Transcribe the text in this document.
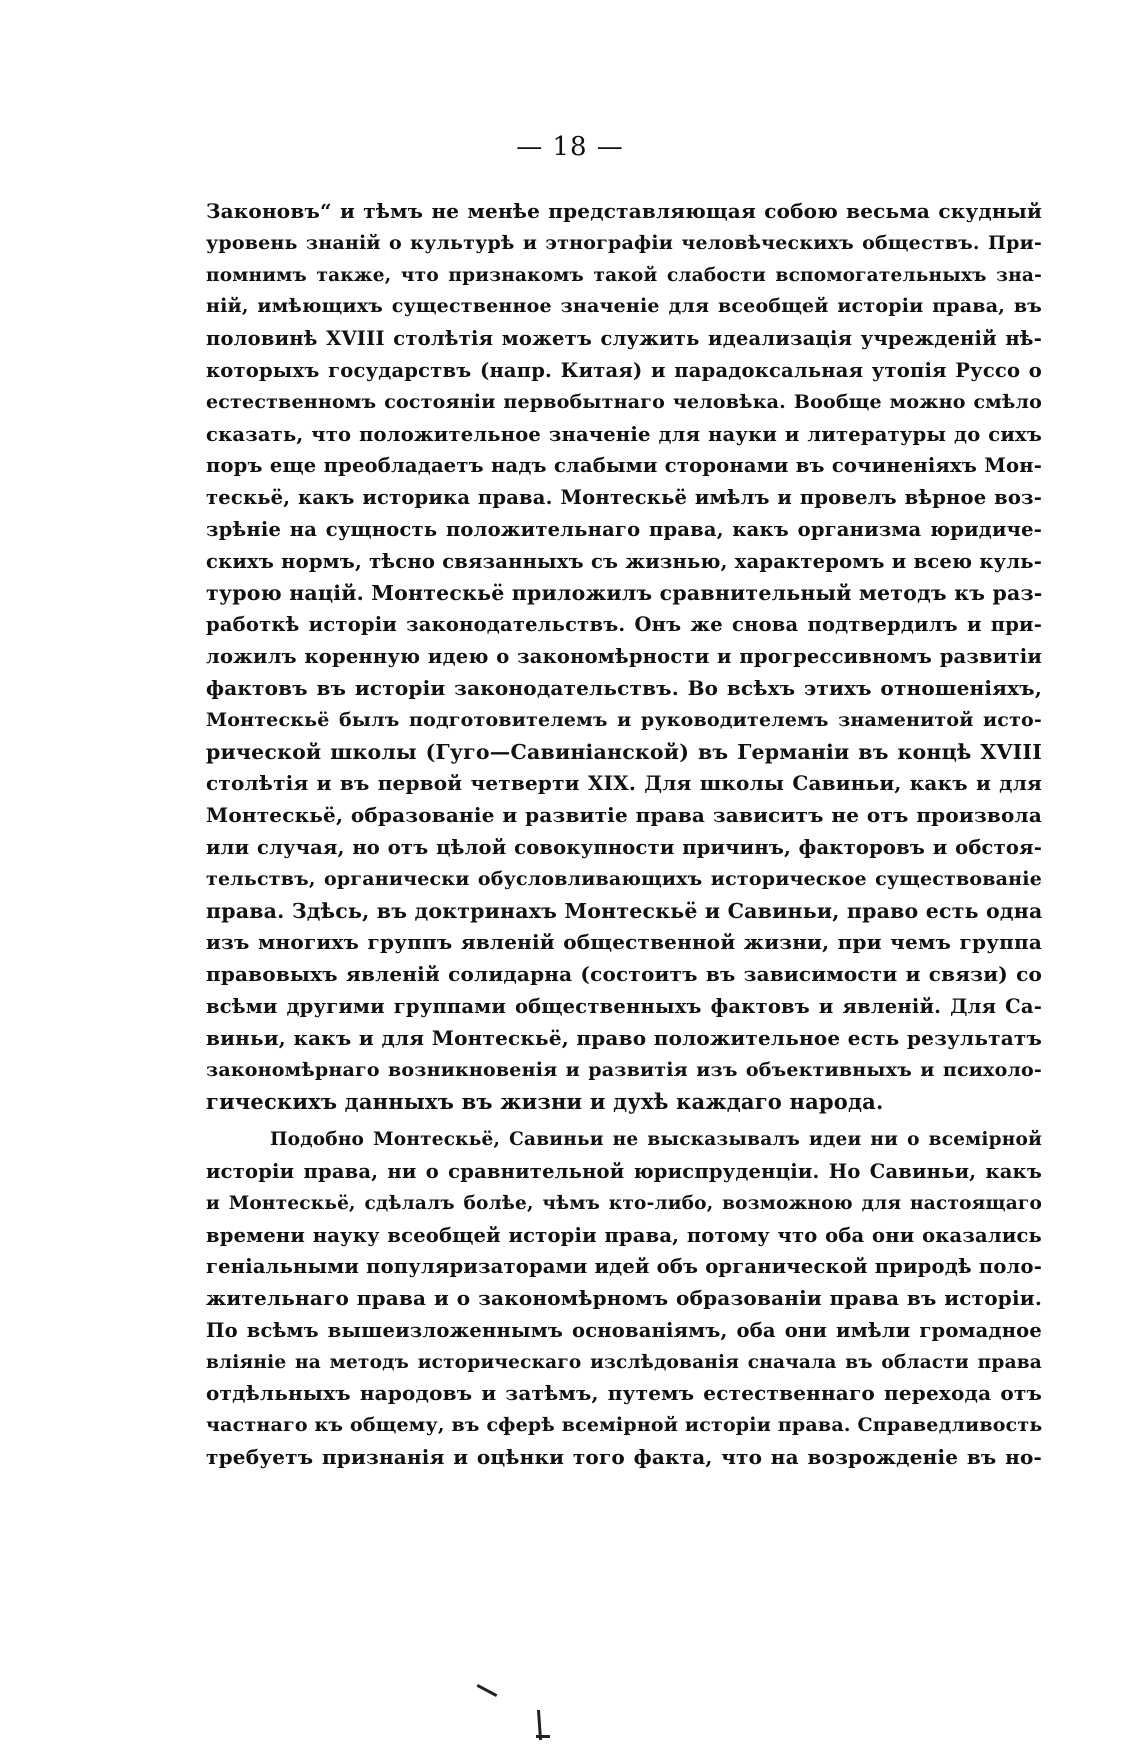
— 18 —
Законовъ“ и тѣмъ не менѣе представляющая собою весьма скудный
уровень знаній о культурѣ и этнографіи человѣческихъ обществъ. При-
помнимъ также, что признакомъ такой слабости вспомогательныхъ зна-
ній, имѣющихъ существенное значеніе для всеобщей исторіи права, въ
половинѣ XVIII столѣтія можетъ служить идеализація учрежденій нѣ-
которыхъ государствъ (напр. Китая) и парадоксальная утопія Руссо о
естественномъ состояніи первобытнаго человѣка. Вообще можно смѣло
сказать, что положительное значеніе для науки и литературы до сихъ
поръ еще преобладаетъ надъ слабыми сторонами въ сочиненіяхъ Мон-
тескьё, какъ историка права. Монтескьё имѣлъ и провелъ вѣрное воз-
зрѣніе на сущность положительнаго права, какъ организма юридиче-
скихъ нормъ, тѣсно связанныхъ съ жизнью, характеромъ и всею куль-
турою націй. Монтескьё приложилъ сравнительный методъ къ раз-
работкѣ исторіи законодательствъ. Онъ же снова подтвердилъ и при-
ложилъ коренную идею о закономѣрности и прогрессивномъ развитіи
фактовъ въ исторіи законодательствъ. Во всѣхъ этихъ отношеніяхъ,
Монтескьё былъ подготовителемъ и руководителемъ знаменитой исто-
рической школы (Гуго—Савиніанской) въ Германіи въ концѣ XVIII
столѣтія и въ первой четверти XIX. Для школы Савиньи, какъ и для
Монтескьё, образованіе и развитіе права зависитъ не отъ произвола
или случая, но отъ цѣлой совокупности причинъ, факторовъ и обстоя-
тельствъ, органически обусловливающихъ историческое существованіе
права. Здѣсь, въ доктринахъ Монтескьё и Савиньи, право есть одна
изъ многихъ группъ явленій общественной жизни, при чемъ группа
правовыхъ явленій солидарна (состоитъ въ зависимости и связи) со
всѣми другими группами общественныхъ фактовъ и явленій. Для Са-
виньи, какъ и для Монтескьё, право положительное есть результатъ
закономѣрнаго возникновенія и развитія изъ объективныхъ и психоло-
гическихъ данныхъ въ жизни и духѣ каждаго народа.
Подобно Монтескьё, Савиньи не высказывалъ идеи ни о всемірной
исторіи права, ни о сравнительной юриспруденціи. Но Савиньи, какъ
и Монтескьё, сдѣлалъ болѣе, чѣмъ кто-либо, возможною для настоящаго
времени науку всеобщей исторіи права, потому что оба они оказались
геніальными популяризаторами идей объ органической природѣ поло-
жительнаго права и о закономѣрномъ образованіи права въ исторіи.
По всѣмъ вышеизложеннымъ основаніямъ, оба они имѣли громадное
вліяніе на методъ историческаго изслѣдованія сначала въ области права
отдѣльныхъ народовъ и затѣмъ, путемъ естественнаго перехода отъ
частнаго къ общему, въ сферѣ всемірной исторіи права. Справедливость
требуетъ признанія и оцѣнки того факта, что на возрожденіе въ но-
